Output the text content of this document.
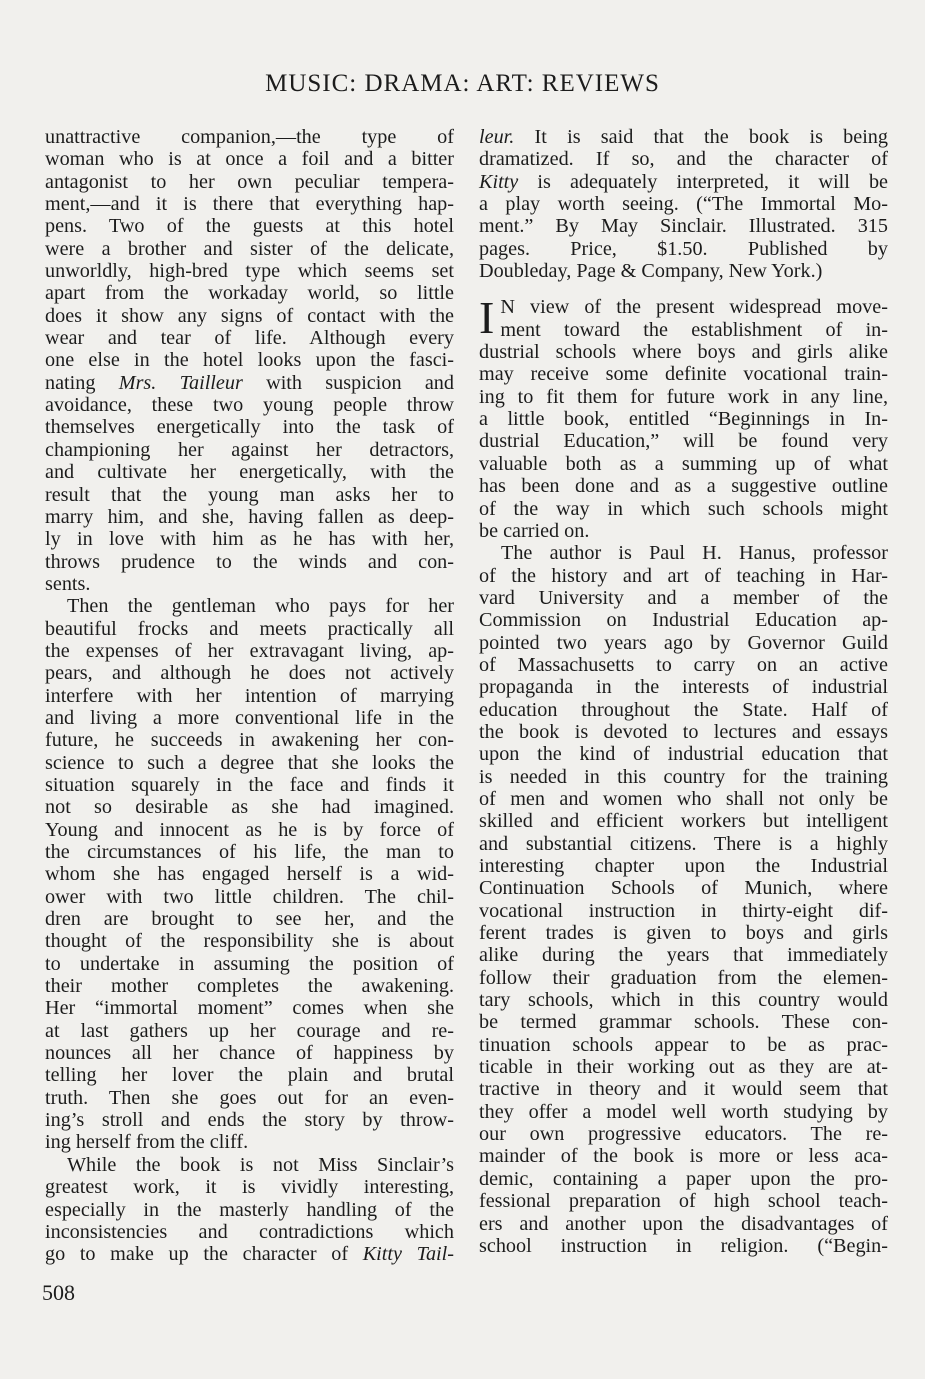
MUSIC: DRAMA: ART: REVIEWS
unattractive companion,—the type of
woman who is at once a foil and a bitter
antagonist to her own peculiar tempera-
ment,—and it is there that everything hap-
pens. Two of the guests at this hotel
were a brother and sister of the delicate,
unworldly, high-bred type which seems set
apart from the workaday world, so little
does it show any signs of contact with the
wear and tear of life. Although every
one else in the hotel looks upon the fasci-
nating Mrs. Tailleur with suspicion and
avoidance, these two young people throw
themselves energetically into the task of
championing her against her detractors,
and cultivate her energetically, with the
result that the young man asks her to
marry him, and she, having fallen as deep-
ly in love with him as he has with her,
throws prudence to the winds and con-
sents.
Then the gentleman who pays for her
beautiful frocks and meets practically all
the expenses of her extravagant living, ap-
pears, and although he does not actively
interfere with her intention of marrying
and living a more conventional life in the
future, he succeeds in awakening her con-
science to such a degree that she looks the
situation squarely in the face and finds it
not so desirable as she had imagined.
Young and innocent as he is by force of
the circumstances of his life, the man to
whom she has engaged herself is a wid-
ower with two little children. The chil-
dren are brought to see her, and the
thought of the responsibility she is about
to undertake in assuming the position of
their mother completes the awakening.
Her “immortal moment” comes when she
at last gathers up her courage and re-
nounces all her chance of happiness by
telling her lover the plain and brutal
truth. Then she goes out for an even-
ing’s stroll and ends the story by throw-
ing herself from the cliff.
While the book is not Miss Sinclair’s
greatest work, it is vividly interesting,
especially in the masterly handling of the
inconsistencies and contradictions which
go to make up the character of Kitty Tail-
leur. It is said that the book is being
dramatized. If so, and the character of
Kitty is adequately interpreted, it will be
a play worth seeing. (“The Immortal Mo-
ment.” By May Sinclair. Illustrated. 315
pages. Price, $1.50. Published by
Doubleday, Page & Company, New York.)
I N view of the present widespread move-
ment toward the establishment of in-
dustrial schools where boys and girls alike
may receive some definite vocational train-
ing to fit them for future work in any line,
a little book, entitled “Beginnings in In-
dustrial Education,” will be found very
valuable both as a summing up of what
has been done and as a suggestive outline
of the way in which such schools might
be carried on.
The author is Paul H. Hanus, professor
of the history and art of teaching in Har-
vard University and a member of the
Commission on Industrial Education ap-
pointed two years ago by Governor Guild
of Massachusetts to carry on an active
propaganda in the interests of industrial
education throughout the State. Half of
the book is devoted to lectures and essays
upon the kind of industrial education that
is needed in this country for the training
of men and women who shall not only be
skilled and efficient workers but intelligent
and substantial citizens. There is a highly
interesting chapter upon the Industrial
Continuation Schools of Munich, where
vocational instruction in thirty-eight dif-
ferent trades is given to boys and girls
alike during the years that immediately
follow their graduation from the elemen-
tary schools, which in this country would
be termed grammar schools. These con-
tinuation schools appear to be as prac-
ticable in their working out as they are at-
tractive in theory and it would seem that
they offer a model well worth studying by
our own progressive educators. The re-
mainder of the book is more or less aca-
demic, containing a paper upon the pro-
fessional preparation of high school teach-
ers and another upon the disadvantages of
school instruction in religion. (“Begin-
508
